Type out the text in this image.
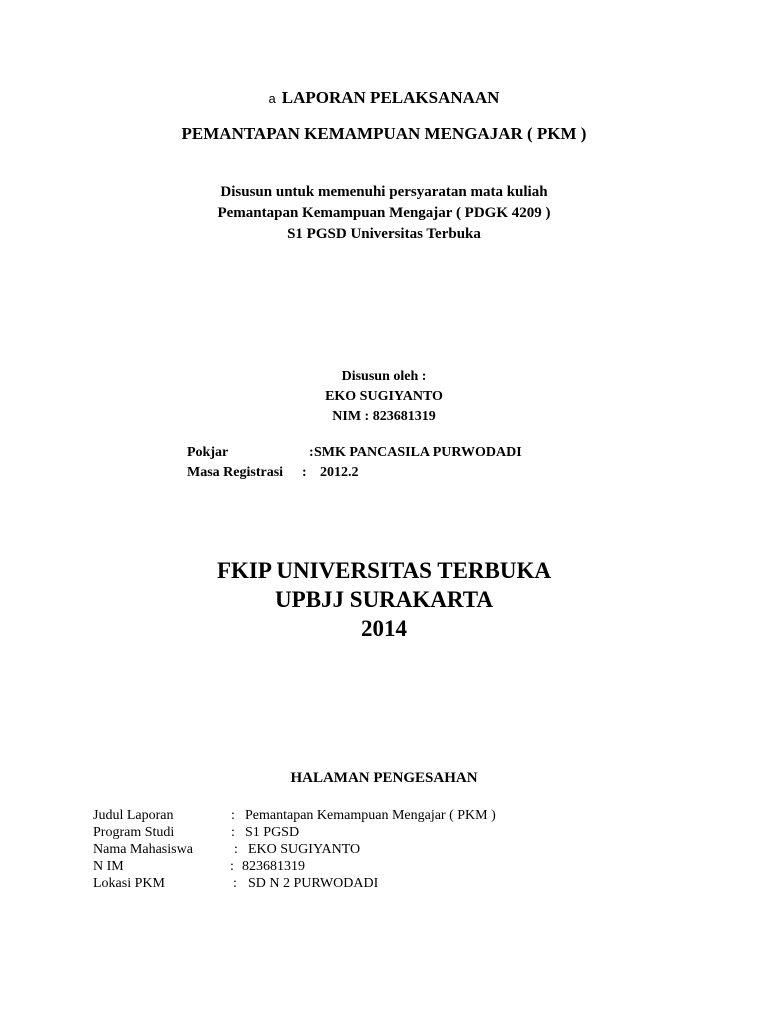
a LAPORAN PELAKSANAAN
PEMANTAPAN KEMAMPUAN MENGAJAR ( PKM )
Disusun untuk memenuhi persyaratan mata kuliah
Pemantapan Kemampuan Mengajar ( PDGK 4209 )
S1 PGSD Universitas Terbuka
Disusun oleh :
EKO SUGIYANTO
NIM : 823681319
Pokjar	: SMK PANCASILA PURWODADI
Masa Registrasi : 2012.2
FKIP UNIVERSITAS TERBUKA
UPBJJ SURAKARTA
2014
HALAMAN PENGESAHAN
Judul Laporan	: Pemantapan Kemampuan Mengajar ( PKM )
Program Studi	: S1 PGSD
Nama Mahasiswa	: EKO SUGIYANTO
N IM	: 823681319
Lokasi PKM	: SD N 2 PURWODADI
